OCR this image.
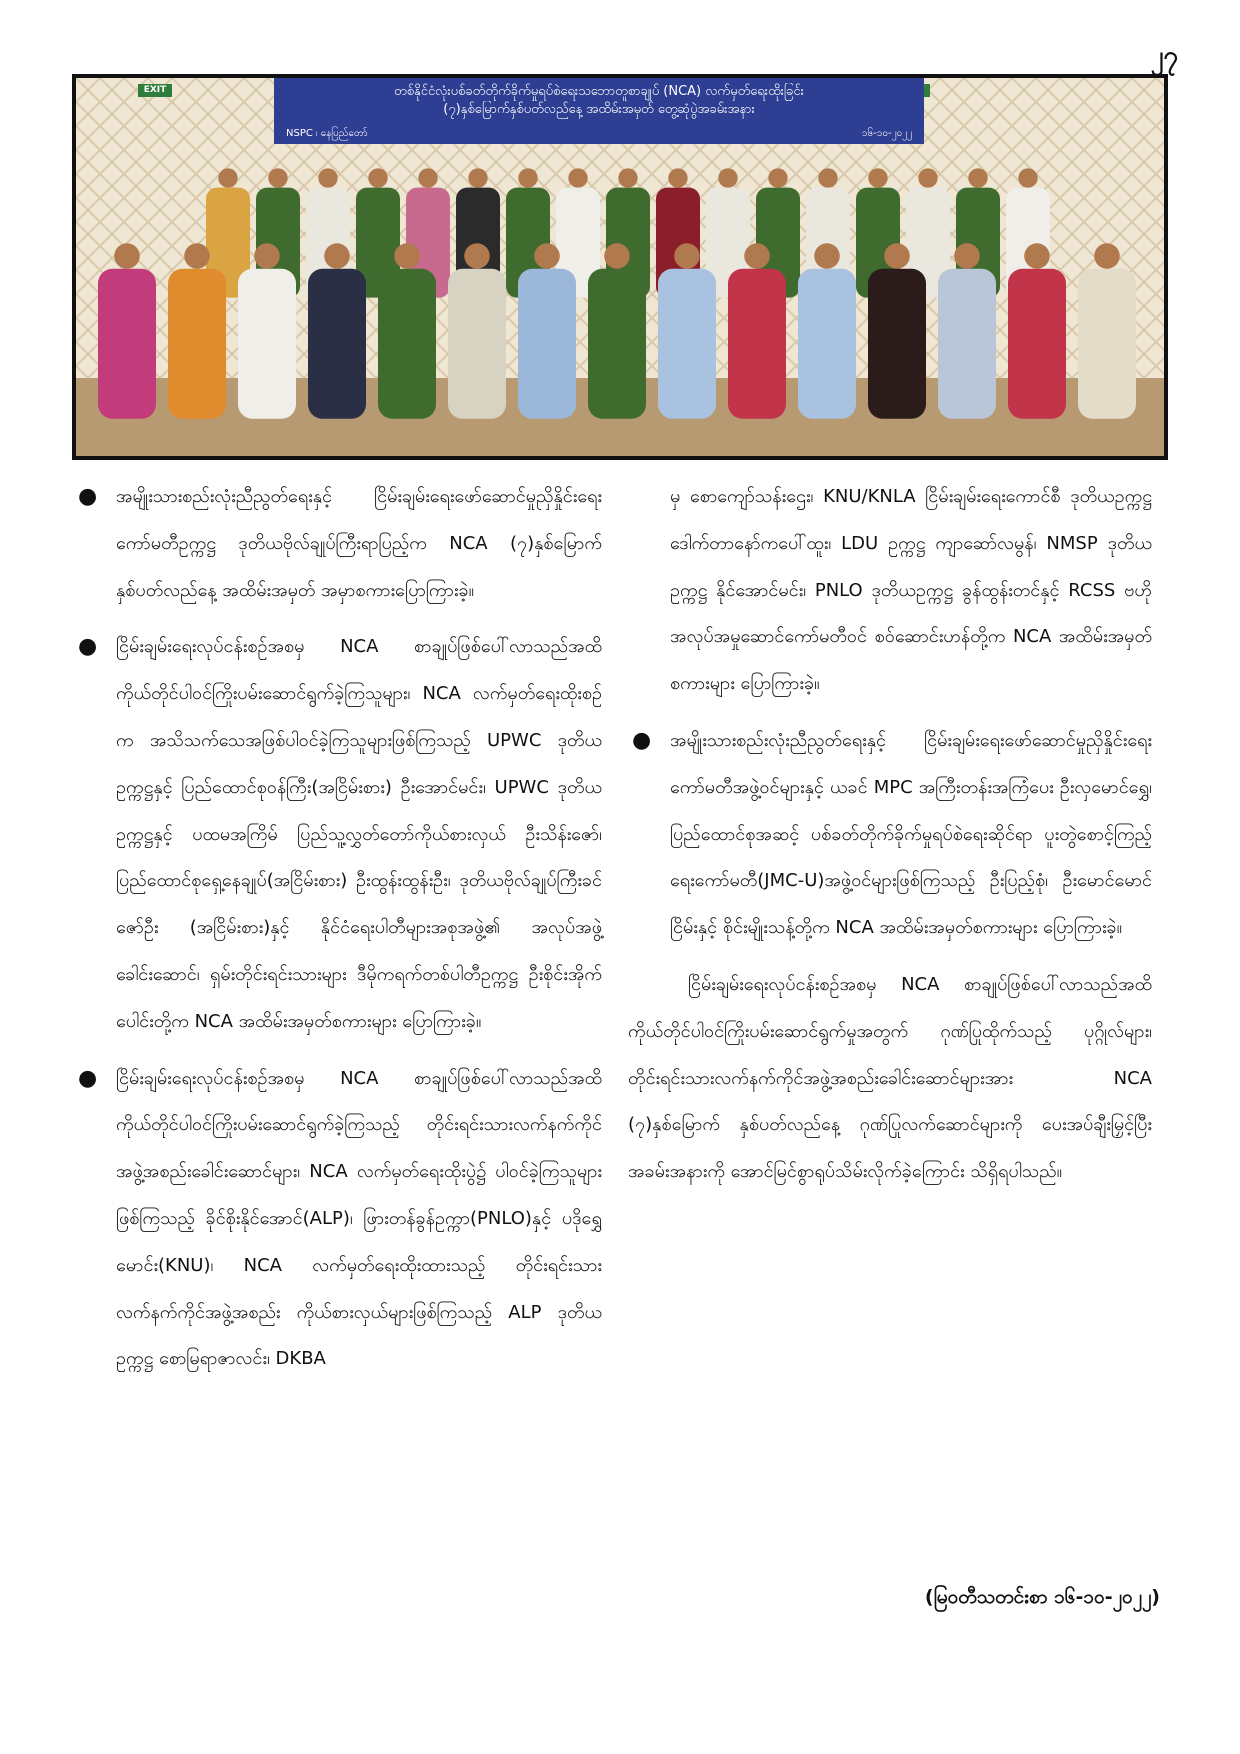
၂၇
EXIT	တစ်နိုင်ငံလုံးပစ်ခတ်တိုက်ခိုက်မှုရပ်စဲရေးသဘောတူစာချုပ် (NCA) လက်မှတ်ရေးထိုးခြင်း
(၇)နှစ်မြောက်နှစ်ပတ်လည်နေ့ အထိမ်းအမှတ် တွေ့ဆုံပွဲအခမ်းအနား
NSPC ၊ နေပြည်တော်	၁၆-၁၀-၂၀၂၂
● အမျိုးသားစည်းလုံးညီညွတ်ရေးနှင့် ငြိမ်းချမ်းရေးဖော်ဆောင်မှုညှိနှိုင်းရေးကော်မတီဥက္ကဋ္ဌ ဒုတိယဗိုလ်ချုပ်ကြီးရာပြည့်က NCA (၇)နှစ်မြောက် နှစ်ပတ်လည်နေ့ အထိမ်းအမှတ် အမှာစကားပြောကြားခဲ့။
● ငြိမ်းချမ်းရေးလုပ်ငန်းစဉ်အစမှ NCA စာချုပ်ဖြစ်ပေါ်လာသည်အထိ ကိုယ်တိုင်ပါဝင်ကြိုးပမ်းဆောင်ရွက်ခဲ့ကြသူများ၊ NCA လက်မှတ်ရေးထိုးစဉ်က အသိသက်သေအဖြစ်ပါဝင်ခဲ့ကြသူများဖြစ်ကြသည့် UPWC ဒုတိယဥက္ကဋ္ဌနှင့် ပြည်ထောင်စုဝန်ကြီး(အငြိမ်းစား) ဦးအောင်မင်း၊ UPWC ဒုတိယဥက္ကဋ္ဌနှင့် ပထမအကြိမ် ပြည်သူ့လွှတ်တော်ကိုယ်စားလှယ် ဦးသိန်းဇော်၊ ပြည်ထောင်စုရှေ့နေချုပ်(အငြိမ်းစား) ဦးထွန်းထွန်းဦး၊ ဒုတိယဗိုလ်ချုပ်ကြီးခင်ဇော်ဦး (အငြိမ်းစား)နှင့် နိုင်ငံရေးပါတီများအစုအဖွဲ့၏ အလုပ်အဖွဲ့ခေါင်းဆောင်၊ ရှမ်းတိုင်းရင်းသားများ ဒီမိုကရက်တစ်ပါတီဥက္ကဋ္ဌ ဦးစိုင်းအိုက်ပေါင်းတို့က NCA အထိမ်းအမှတ်စကားများ ပြောကြားခဲ့။
● ငြိမ်းချမ်းရေးလုပ်ငန်းစဉ်အစမှ NCA စာချုပ်ဖြစ်ပေါ်လာသည်အထိ ကိုယ်တိုင်ပါဝင်ကြိုးပမ်းဆောင်ရွက်ခဲ့ကြသည့် တိုင်းရင်းသားလက်နက်ကိုင်အဖွဲ့အစည်းခေါင်းဆောင်များ၊ NCA လက်မှတ်ရေးထိုးပွဲ၌ ပါဝင်ခဲ့ကြသူများဖြစ်ကြသည့် ခိုင်စိုးနိုင်အောင်(ALP)၊ ဖြားတန်ခွန်ဥက္ကာ(PNLO)နှင့် ပဒိုရွှေမောင်း(KNU)၊ NCA လက်မှတ်ရေးထိုးထားသည့် တိုင်းရင်းသားလက်နက်ကိုင်အဖွဲ့အစည်း ကိုယ်စားလှယ်များဖြစ်ကြသည့် ALP ဒုတိယဥက္ကဋ္ဌ စောမြရာဇာလင်း၊ DKBA
မှ စောကျော်သန်းဌေး၊ KNU/KNLA ငြိမ်းချမ်းရေးကောင်စီ ဒုတိယဥက္ကဋ္ဌ ဒေါက်တာနော်ကပေါ်ထူး၊ LDU ဥက္ကဋ္ဌ ကျာဆော်လမွန်၊ NMSP ဒုတိယဥက္ကဋ္ဌ နိုင်အောင်မင်း၊ PNLO ဒုတိယဥက္ကဋ္ဌ ခွန်ထွန်းတင်နှင့် RCSS ဗဟိုအလုပ်အမှုဆောင်ကော်မတီဝင် စဝ်ဆောင်းဟန်တို့က NCA အထိမ်းအမှတ်စကားများ ပြောကြားခဲ့။
● အမျိုးသားစည်းလုံးညီညွတ်ရေးနှင့် ငြိမ်းချမ်းရေးဖော်ဆောင်မှုညှိနှိုင်းရေးကော်မတီအဖွဲ့ဝင်များနှင့် ယခင် MPC အကြီးတန်းအကြံပေး ဦးလှမောင်ရွှေ၊ ပြည်ထောင်စုအဆင့် ပစ်ခတ်တိုက်ခိုက်မှုရပ်စဲရေးဆိုင်ရာ ပူးတွဲစောင့်ကြည့်ရေးကော်မတီ(JMC-U)အဖွဲ့ဝင်များဖြစ်ကြသည့် ဦးပြည့်စုံ၊ ဦးမောင်မောင်ငြိမ်းနှင့် စိုင်းမျိုးသန့်တို့က NCA အထိမ်းအမှတ်စကားများ ပြောကြားခဲ့။

ငြိမ်းချမ်းရေးလုပ်ငန်းစဉ်အစမှ NCA စာချုပ်ဖြစ်ပေါ်လာသည်အထိ ကိုယ်တိုင်ပါဝင်ကြိုးပမ်းဆောင်ရွက်မှုအတွက် ဂုဏ်ပြုထိုက်သည့် ပုဂ္ဂိုလ်များ၊ တိုင်းရင်းသားလက်နက်ကိုင်အဖွဲ့အစည်းခေါင်းဆောင်များအား NCA (၇)နှစ်မြောက် နှစ်ပတ်လည်နေ့ ဂုဏ်ပြုလက်ဆောင်များကို ပေးအပ်ချီးမြှင့်ပြီး အခမ်းအနားကို အောင်မြင်စွာရုပ်သိမ်းလိုက်ခဲ့ကြောင်း သိရှိရပါသည်။

(မြဝတီသတင်းစာ ၁၆-၁၀-၂၀၂၂)
